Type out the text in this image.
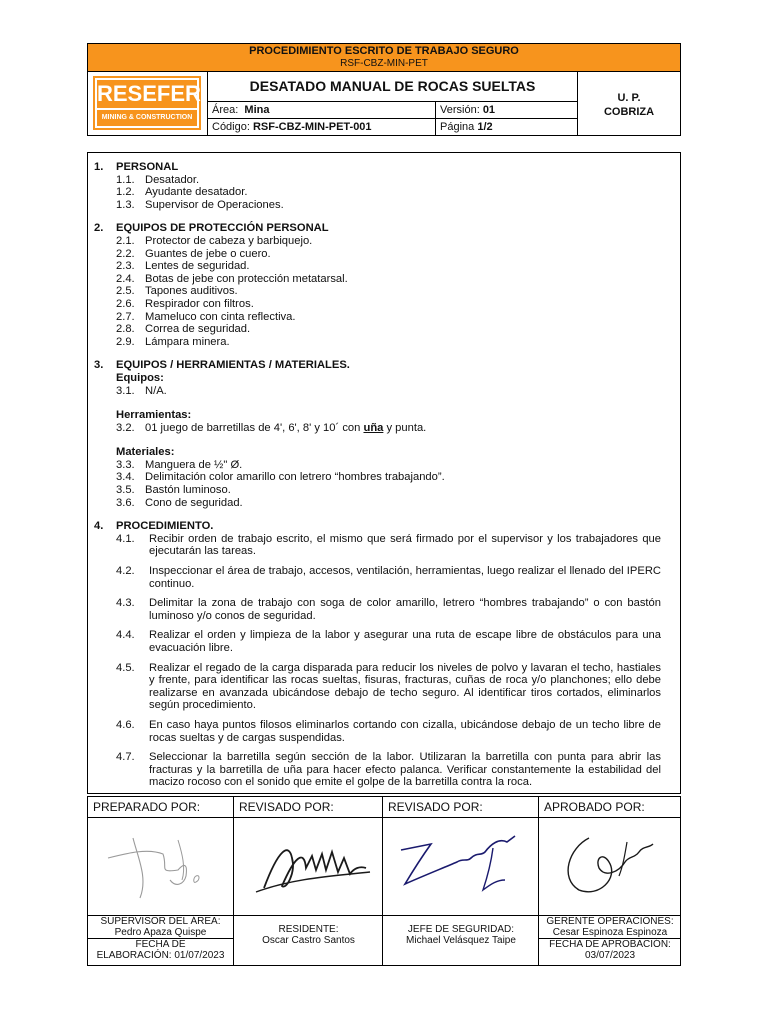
PROCEDIMIENTO ESCRITO DE TRABAJO SEGURO
RSF-CBZ-MIN-PET
RESEFER
MINING & CONSTRUCTION S.A
DESATADO MANUAL DE ROCAS SUELTAS
Área: Mina	Versión: 01
Código: RSF-CBZ-MIN-PET-001	Página 1/2
U. P.
COBRIZA
1. PERSONAL
1.1. Desatador.
1.2. Ayudante desatador.
1.3. Supervisor de Operaciones.
2. EQUIPOS DE PROTECCIÓN PERSONAL
2.1. Protector de cabeza y barbiquejo.
2.2. Guantes de jebe o cuero.
2.3. Lentes de seguridad.
2.4. Botas de jebe con protección metatarsal.
2.5. Tapones auditivos.
2.6. Respirador con filtros.
2.7. Mameluco con cinta reflectiva.
2.8. Correa de seguridad.
2.9. Lámpara minera.
3. EQUIPOS / HERRAMIENTAS / MATERIALES.
Equipos:
3.1. N/A.
Herramientas:
3.2. 01 juego de barretillas de 4', 6', 8' y 10´ con uña y punta.
Materiales:
3.3. Manguera de ½" Ø.
3.4. Delimitación color amarillo con letrero “hombres trabajando”.
3.5. Bastón luminoso.
3.6. Cono de seguridad.
4. PROCEDIMIENTO.
4.1. Recibir orden de trabajo escrito, el mismo que será firmado por el supervisor y los trabajadores que ejecutarán las tareas.
4.2. Inspeccionar el área de trabajo, accesos, ventilación, herramientas, luego realizar el llenado del IPERC continuo.
4.3. Delimitar la zona de trabajo con soga de color amarillo, letrero “hombres trabajando” o con bastón luminoso y/o conos de seguridad.
4.4. Realizar el orden y limpieza de la labor y asegurar una ruta de escape libre de obstáculos para una evacuación libre.
4.5. Realizar el regado de la carga disparada para reducir los niveles de polvo y lavaran el techo, hastiales y frente, para identificar las rocas sueltas, fisuras, fracturas, cuñas de roca y/o planchones; ello debe realizarse en avanzada ubicándose debajo de techo seguro. Al identificar tiros cortados, eliminarlos según procedimiento.
4.6. En caso haya puntos filosos eliminarlos cortando con cizalla, ubicándose debajo de un techo libre de rocas sueltas y de cargas suspendidas.
4.7. Seleccionar la barretilla según sección de la labor. Utilizaran la barretilla con punta para abrir las fracturas y la barretilla de uña para hacer efecto palanca. Verificar constantemente la estabilidad del macizo rocoso con el sonido que emite el golpe de la barretilla contra la roca.
PREPARADO POR:
SUPERVISOR DEL ÁREA:
Pedro Apaza Quispe
FECHA DE
ELABORACIÓN: 01/07/2023
REVISADO POR:
RESIDENTE:
Oscar Castro Santos
REVISADO POR:
JEFE DE SEGURIDAD:
Michael Velásquez Taipe
APROBADO POR:
GERENTE OPERACIONES:
Cesar Espinoza Espinoza
FECHA DE APROBACIÓN:
03/07/2023
